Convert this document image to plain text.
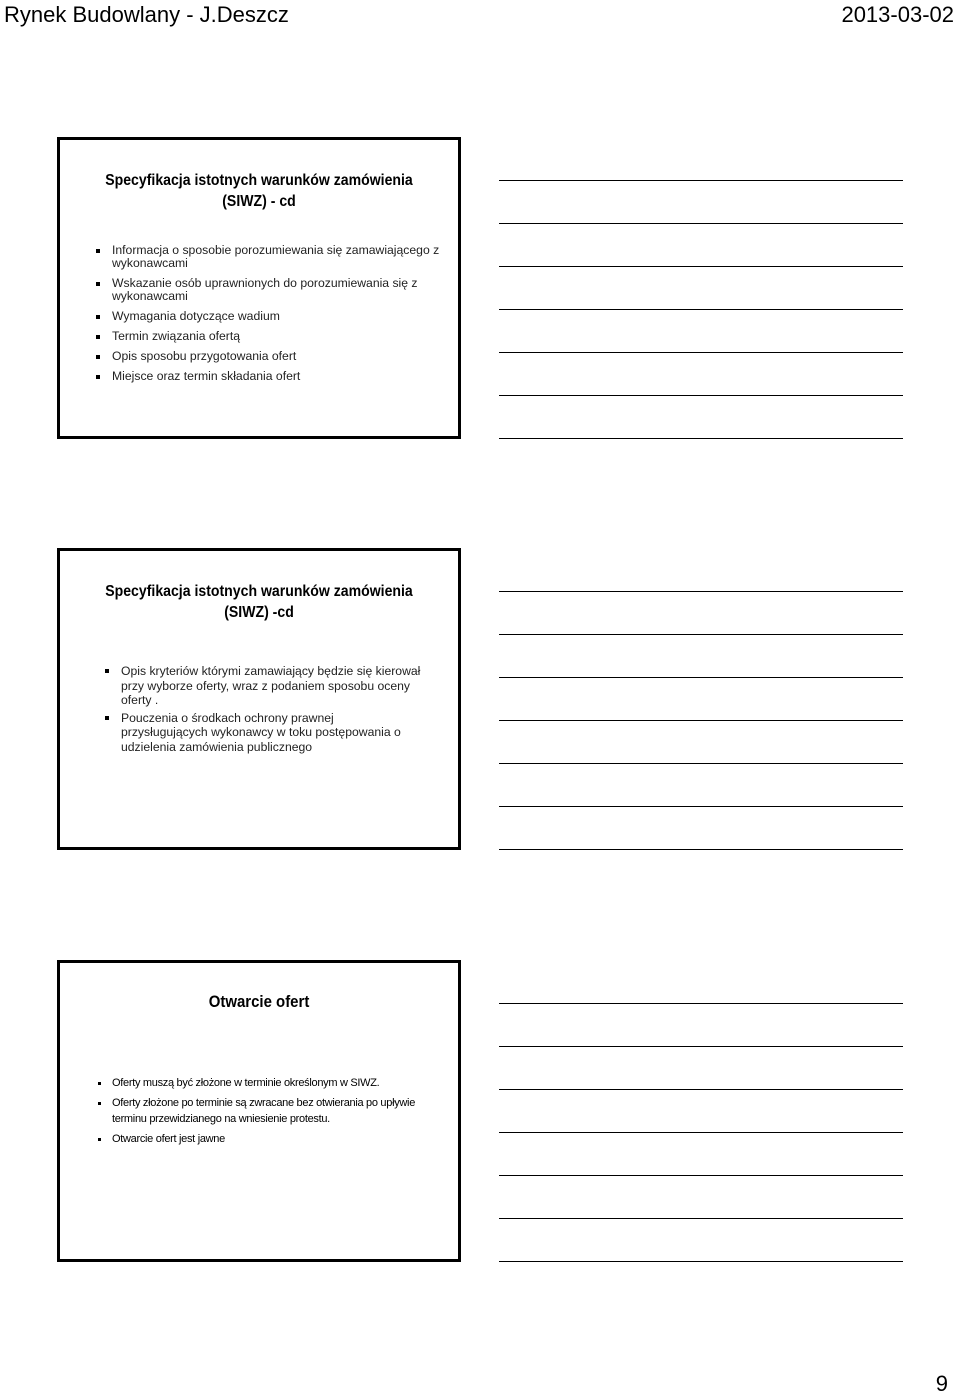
Rynek Budowlany - J.Deszcz	2013-03-02
Specyfikacja istotnych warunków zamówienia
(SIWZ) - cd
Informacja o sposobie porozumiewania się zamawiającego z wykonawcami
Wskazanie osób uprawnionych do porozumiewania się z wykonawcami
Wymagania dotyczące wadium
Termin związania ofertą
Opis sposobu przygotowania ofert
Miejsce oraz termin składania ofert
Specyfikacja istotnych warunków zamówienia
(SIWZ) -cd
Opis kryteriów którymi zamawiający będzie się kierował przy wyborze oferty, wraz z podaniem sposobu oceny oferty .
Pouczenia o środkach ochrony prawnej przysługujących wykonawcy w toku postępowania o udzielenia zamówienia publicznego
Otwarcie ofert
Oferty muszą być złożone w terminie określonym w SIWZ.
Oferty złożone po terminie są zwracane bez otwierania po upływie terminu przewidzianego na wniesienie protestu.
Otwarcie ofert jest jawne
9
